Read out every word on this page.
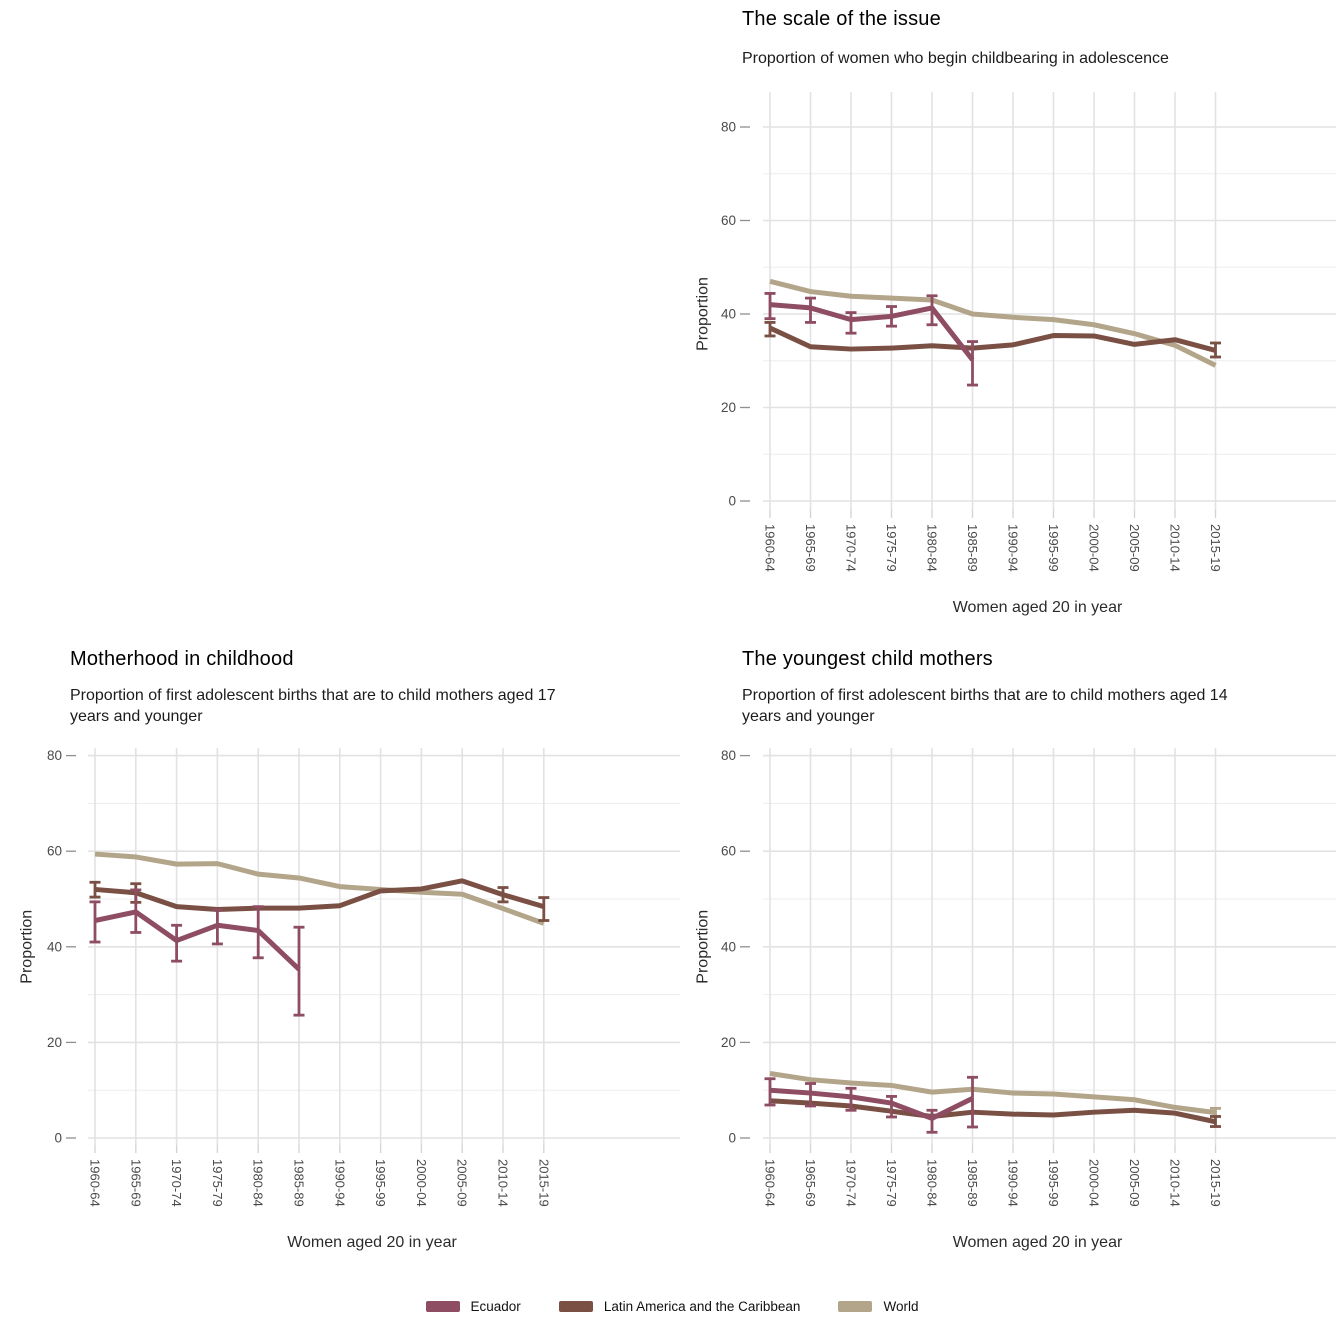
The scale of the issue

Proportion of women who begin childbearing in adolescence

0
20
40
60
80
Proportion
1960-64 1965-69 1970-74 1975-79 1980-84 1985-89 1990-94 1995-99 2000-04 2005-09 2010-14 2015-19
Women aged 20 in year
Motherhood in childhood

Proportion of first adolescent births that are to child mothers aged 17 years and younger

0
20
40
60
80
Proportion
1960-64 1965-69 1970-74 1975-79 1980-84 1985-89 1990-94 1995-99 2000-04 2005-09 2010-14 2015-19
Women aged 20 in year
The youngest child mothers

Proportion of first adolescent births that are to child mothers aged 14 years and younger

0
20
40
60
80
Proportion
1960-64 1965-69 1970-74 1975-79 1980-84 1985-89 1990-94 1995-99 2000-04 2005-09 2010-14 2015-19
Women aged 20 in year
Ecuador	Latin America and the Caribbean	World
